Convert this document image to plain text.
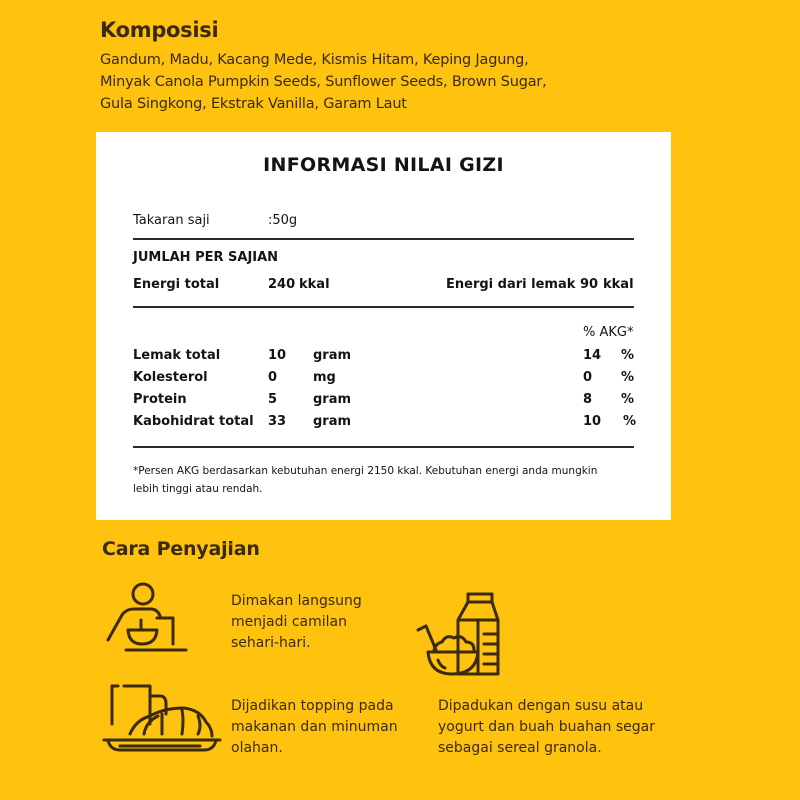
Komposisi
Gandum, Madu, Kacang Mede, Kismis Hitam, Keping Jagung,
Minyak Canola Pumpkin Seeds, Sunflower Seeds, Brown Sugar,
Gula Singkong, Ekstrak Vanilla, Garam Laut
INFORMASI NILAI GIZI
Takaran saji	:50g
JUMLAH PER SAJIAN
Energi total	240 kkal	Energi dari lemak 90 kkal
% AKG*
Lemak total	10 gram	14 %
Kolesterol	0	mg	0 %
Protein	5	gram	8 %
Kabohidrat total 33 gram	10 %
*Persen AKG berdasarkan kebutuhan energi 2150 kkal. Kebutuhan energi anda mungkin
lebih tinggi atau rendah.
Cara Penyajian
Dimakan langsung
menjadi camilan
sehari-hari.
Dipadukan dengan susu atau
yogurt dan buah buahan segar
sebagai sereal granola.
Dijadikan topping pada
makanan dan minuman
olahan.
